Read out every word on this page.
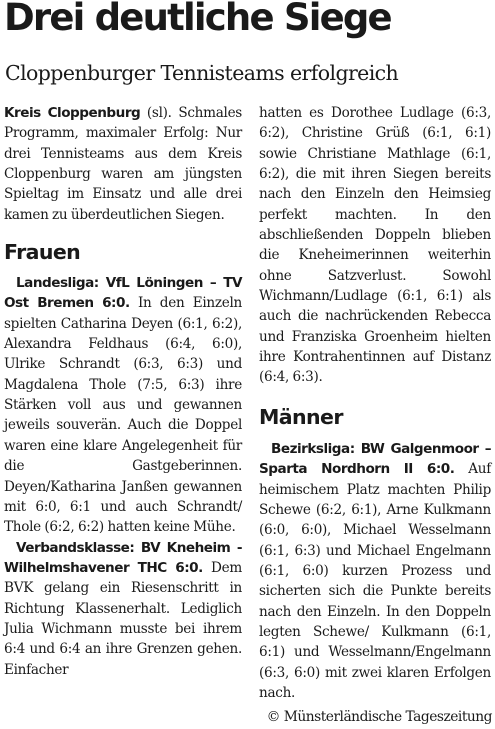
Drei deutliche Siege
Cloppenburger Tennisteams erfolgreich

Kreis Cloppenburg (sl). Schmales Programm, maximaler Erfolg: Nur drei Tennisteams aus dem Kreis Cloppenburg waren am jüngsten Spieltag im Einsatz und alle drei kamen zu überdeutlichen Siegen.

Frauen

Landesliga: VfL Löningen – TV Ost Bremen 6:0. In den Einzeln spielten Catharina Deyen (6:1, 6:2), Alexandra Feldhaus (6:4, 6:0), Ulrike Schrandt (6:3, 6:3) und Magdalena Thole (7:5, 6:3) ihre Stärken voll aus und gewannen jeweils souverän. Auch die Doppel waren eine klare Angelegenheit für die Gastgeberinnen. Deyen/Katharina Janßen gewannen mit 6:0, 6:1 und auch Schrandt/ Thole (6:2, 6:2) hatten keine Mühe.

Verbandsklasse: BV Kneheim - Wilhelmshavener THC 6:0. Dem BVK gelang ein Riesenschritt in Richtung Klassenerhalt. Lediglich Julia Wichmann musste bei ihrem 6:4 und 6:4 an ihre Grenzen gehen. Einfacher

hatten es Dorothee Ludlage (6:3, 6:2), Christine Grüß (6:1, 6:1) sowie Christiane Mathlage (6:1, 6:2), die mit ihren Siegen bereits nach den Einzeln den Heimsieg perfekt machten. In den abschließenden Doppeln blieben die Kneheimerinnen weiterhin ohne Satzverlust. Sowohl Wichmann/Ludlage (6:1, 6:1) als auch die nachrückenden Rebecca und Franziska Groenheim hielten ihre Kontrahentinnen auf Distanz (6:4, 6:3).

Männer

Bezirksliga: BW Galgenmoor – Sparta Nordhorn II 6:0. Auf heimischem Platz machten Philip Schewe (6:2, 6:1), Arne Kulkmann (6:0, 6:0), Michael Wesselmann (6:1, 6:3) und Michael Engelmann (6:1, 6:0) kurzen Prozess und sicherten sich die Punkte bereits nach den Einzeln. In den Doppeln legten Schewe/ Kulkmann (6:1, 6:1) und Wesselmann/Engelmann (6:3, 6:0) mit zwei klaren Erfolgen nach.

© Münsterländische Tageszeitung
